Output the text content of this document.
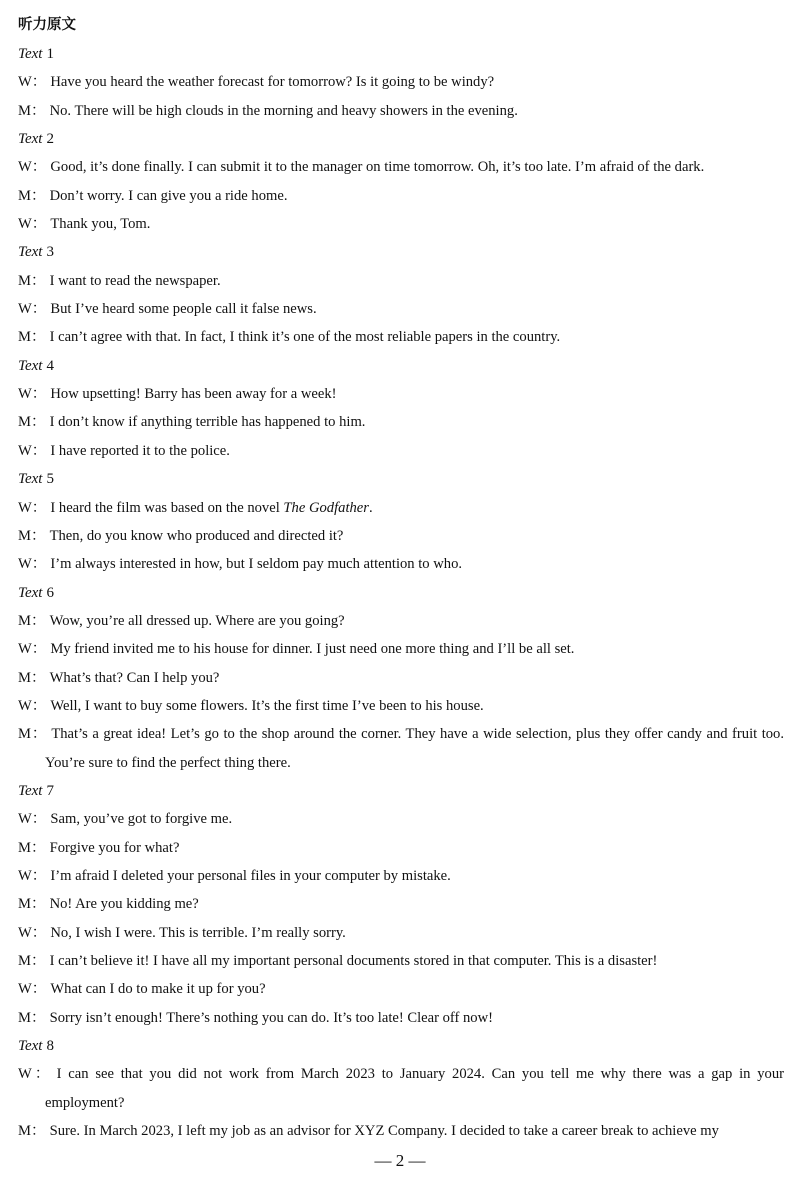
听力原文
Text 1
W： Have you heard the weather forecast for tomorrow? Is it going to be windy?
M： No. There will be high clouds in the morning and heavy showers in the evening.
Text 2
W： Good, it’s done finally. I can submit it to the manager on time tomorrow. Oh, it’s too late. I’m afraid of the dark.
M： Don’t worry. I can give you a ride home.
W： Thank you, Tom.
Text 3
M： I want to read the newspaper.
W： But I’ve heard some people call it false news.
M： I can’t agree with that. In fact, I think it’s one of the most reliable papers in the country.
Text 4
W： How upsetting! Barry has been away for a week!
M： I don’t know if anything terrible has happened to him.
W： I have reported it to the police.
Text 5
W： I heard the film was based on the novel The Godfather.
M： Then, do you know who produced and directed it?
W： I’m always interested in how, but I seldom pay much attention to who.
Text 6
M： Wow, you’re all dressed up. Where are you going?
W： My friend invited me to his house for dinner. I just need one more thing and I’ll be all set.
M： What’s that? Can I help you?
W： Well, I want to buy some flowers. It’s the first time I’ve been to his house.
M： That’s a great idea! Let’s go to the shop around the corner. They have a wide selection, plus they offer candy and fruit too. You’re sure to find the perfect thing there.
Text 7
W： Sam, you’ve got to forgive me.
M： Forgive you for what?
W： I’m afraid I deleted your personal files in your computer by mistake.
M： No! Are you kidding me?
W： No, I wish I were. This is terrible. I’m really sorry.
M： I can’t believe it! I have all my important personal documents stored in that computer. This is a disaster!
W： What can I do to make it up for you?
M： Sorry isn’t enough! There’s nothing you can do. It’s too late! Clear off now!
Text 8
W： I can see that you did not work from March 2023 to January 2024. Can you tell me why there was a gap in your employment?
M： Sure. In March 2023, I left my job as an advisor for XYZ Company. I decided to take a career break to achieve my
— 2 —
